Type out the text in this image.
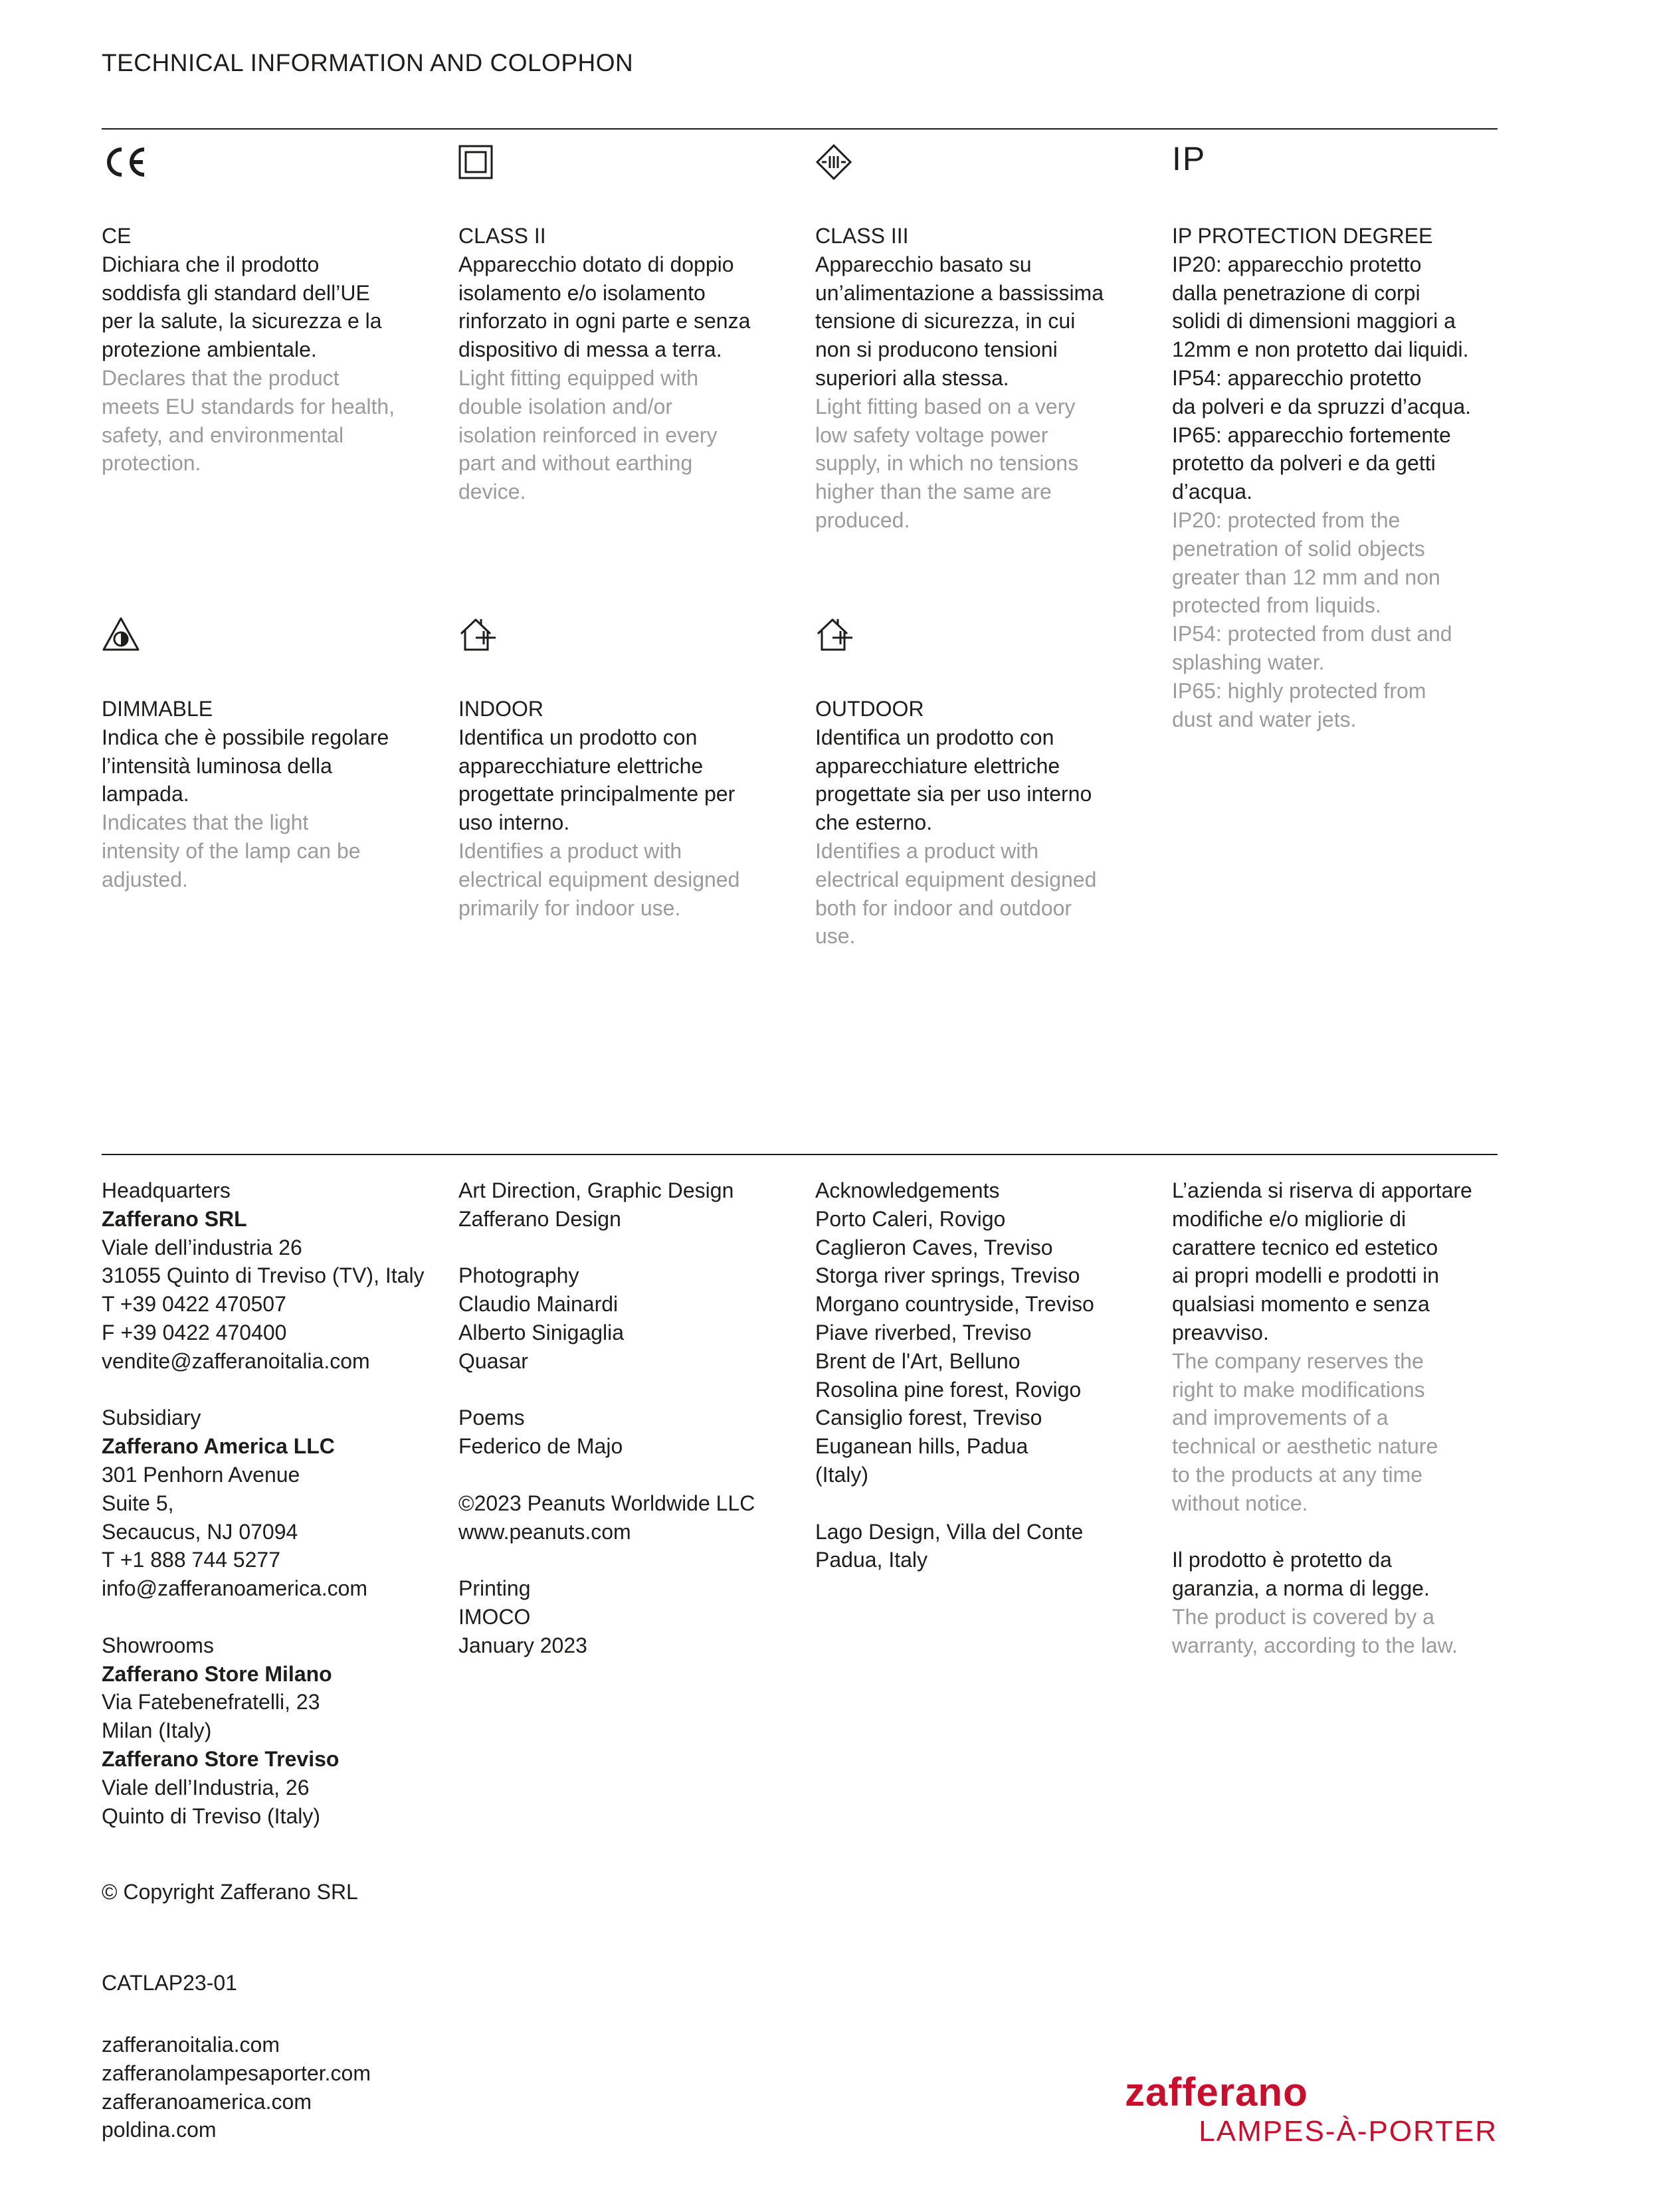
TECHNICAL INFORMATION AND COLOPHON
IP

CE

Dichiara che il prodotto
soddisfa gli standard dell’UE
per la salute, la sicurezza e la
protezione ambientale.

Declares that the product
meets EU standards for health,
safety, and environmental
protection.

CLASS II

Apparecchio dotato di doppio
isolamento e/o isolamento
rinforzato in ogni parte e senza
dispositivo di messa a terra.

Light fitting equipped with
double isolation and/or
isolation reinforced in every
part and without earthing
device.

CLASS III

Apparecchio basato su
un’alimentazione a bassissima
tensione di sicurezza, in cui
non si producono tensioni
superiori alla stessa.

Light fitting based on a very
low safety voltage power
supply, in which no tensions
higher than the same are
produced.

IP PROTECTION DEGREE

IP20: apparecchio protetto
dalla penetrazione di corpi
solidi di dimensioni maggiori a
12mm e non protetto dai liquidi.
IP54: apparecchio protetto
da polveri e da spruzzi d’acqua.
IP65: apparecchio fortemente
protetto da polveri e da getti
d’acqua.

IP20: protected from the
penetration of solid objects
greater than 12 mm and non
protected from liquids.
IP54: protected from dust and
splashing water.
IP65: highly protected from
dust and water jets.

DIMMABLE

Indica che è possibile regolare
l’intensità luminosa della
lampada.

Indicates that the light
intensity of the lamp can be
adjusted.

INDOOR

Identifica un prodotto con
apparecchiature elettriche
progettate principalmente per
uso interno.

Identifies a product with
electrical equipment designed
primarily for indoor use.

OUTDOOR

Identifica un prodotto con
apparecchiature elettriche
progettate sia per uso interno
che esterno.

Identifies a product with
electrical equipment designed
both for indoor and outdoor
use.

Headquarters

Zafferano SRL

Viale dell’industria 26
31055 Quinto di Treviso (TV), Italy
T +39 0422 470507
F +39 0422 470400
vendite@zafferanoitalia.com

Subsidiary

Zafferano America LLC

301 Penhorn Avenue
Suite 5,
Secaucus, NJ 07094
T +1 888 744 5277
info@zafferanoamerica.com

Showrooms

Zafferano Store Milano

Via Fatebenefratelli, 23
Milan (Italy)

Zafferano Store Treviso

Viale dell’Industria, 26
Quinto di Treviso (Italy)

© Copyright Zafferano SRL
CATLAP23-01

zafferanoitalia.com
zafferanolampesaporter.com
zafferanoamerica.com
poldina.com

Art Direction, Graphic Design
Zafferano Design

Photography
Claudio Mainardi
Alberto Sinigaglia
Quasar

Poems
Federico de Majo

©2023 Peanuts Worldwide LLC
www.peanuts.com

Printing
IMOCO
January 2023

Acknowledgements
Porto Caleri, Rovigo
Caglieron Caves, Treviso
Storga river springs, Treviso
Morgano countryside, Treviso
Piave riverbed, Treviso
Brent de l'Art, Belluno
Rosolina pine forest, Rovigo
Cansiglio forest, Treviso
Euganean hills, Padua
(Italy)

Lago Design, Villa del Conte
Padua, Italy

L’azienda si riserva di apportare
modifiche e/o migliorie di
carattere tecnico ed estetico
ai propri modelli e prodotti in
qualsiasi momento e senza
preavviso.

The company reserves the
right to make modifications
and improvements of a
technical or aesthetic nature
to the products at any time
without notice.

Il prodotto è protetto da
garanzia, a norma di legge.

The product is covered by a
warranty, according to the law.

zafferano
LAMPES-À-PORTER
